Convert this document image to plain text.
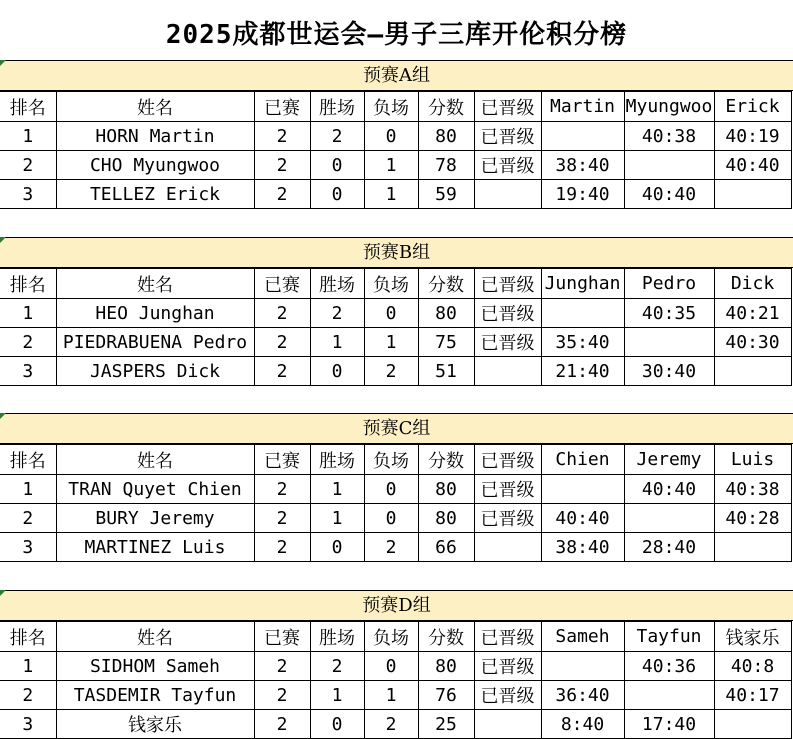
2025成都世运会—男子三库开伦积分榜
预赛A组
排名	姓名	已赛	胜场	负场	分数	已晋级	Martin	Myungwoo	Erick
1	HORN Martin	2	2	0	80	已晋级		40:38	40:19
2	CHO Myungwoo	2	0	1	78	已晋级	38:40		40:40
3	TELLEZ Erick	2	0	1	59		19:40	40:40	
预赛B组
排名	姓名	已赛	胜场	负场	分数	已晋级	Junghan	Pedro	Dick
1	HEO Junghan	2	2	0	80	已晋级		40:35	40:21
2	PIEDRABUENA Pedro	2	1	1	75	已晋级	35:40		40:30
3	JASPERS Dick	2	0	2	51		21:40	30:40	
预赛C组
排名	姓名	已赛	胜场	负场	分数	已晋级	Chien	Jeremy	Luis
1	TRAN Quyet Chien	2	1	0	80	已晋级		40:40	40:38
2	BURY Jeremy	2	1	0	80	已晋级	40:40		40:28
3	MARTINEZ Luis	2	0	2	66		38:40	28:40	
预赛D组
排名	姓名	已赛	胜场	负场	分数	已晋级	Sameh	Tayfun	钱家乐
1	SIDHOM Sameh	2	2	0	80	已晋级		40:36	40:8
2	TASDEMIR Tayfun	2	1	1	76	已晋级	36:40		40:17
3	钱家乐	2	0	2	25		8:40	17:40	
